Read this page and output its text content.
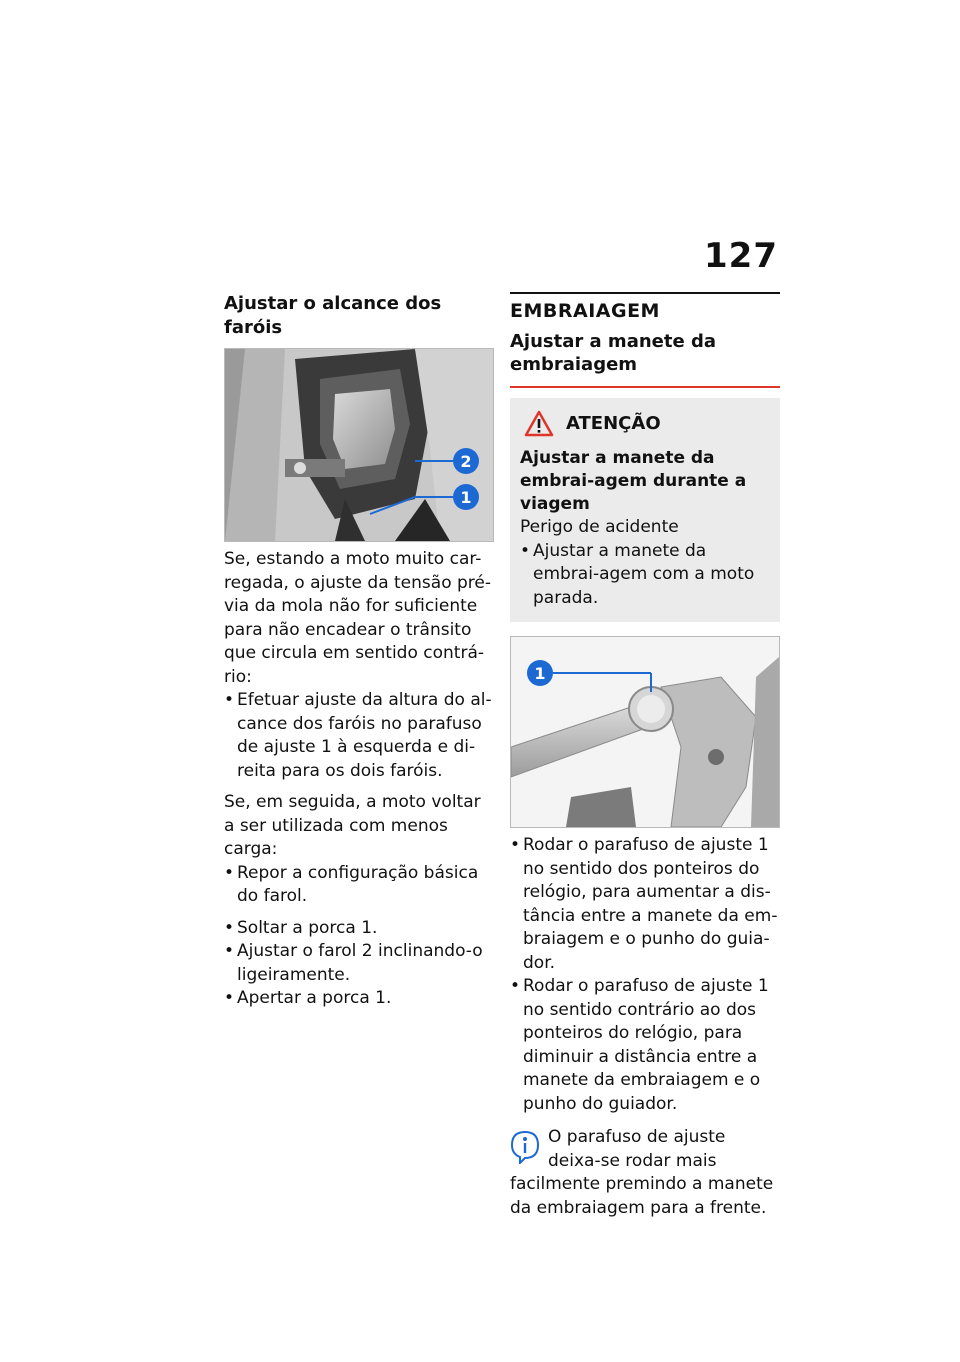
127
Ajustar o alcance dos faróis
2
1

Se, estando a moto muito car-regada, o ajuste da tensão pré-via da mola não for suficiente para não encadear o trânsito que circula em sentido contrá-rio:

• Efetuar ajuste da altura do al-cance dos faróis no parafuso de ajuste 1 à esquerda e di-reita para os dois faróis.

Se, em seguida, a moto voltar a ser utilizada com menos carga:

• Repor a configuração básica do farol.
• Soltar a porca 1.
• Ajustar o farol 2 inclinando-o ligeiramente.
• Apertar a porca 1.
EMBRAIAGEM
Ajustar a manete da embraiagem
ATENÇÃO
Ajustar a manete da embrai-agem durante a viagem
Perigo de acidente
• Ajustar a manete da embrai-agem com a moto parada.
1
• Rodar o parafuso de ajuste 1 no sentido dos ponteiros do relógio, para aumentar a dis-tância entre a manete da em-braiagem e o punho do guia-dor.
• Rodar o parafuso de ajuste 1 no sentido contrário ao dos ponteiros do relógio, para diminuir a distância entre a manete da embraiagem e o punho do guiador.
O parafuso de ajuste deixa-se rodar mais facilmente premindo a manete da embraiagem para a frente.
